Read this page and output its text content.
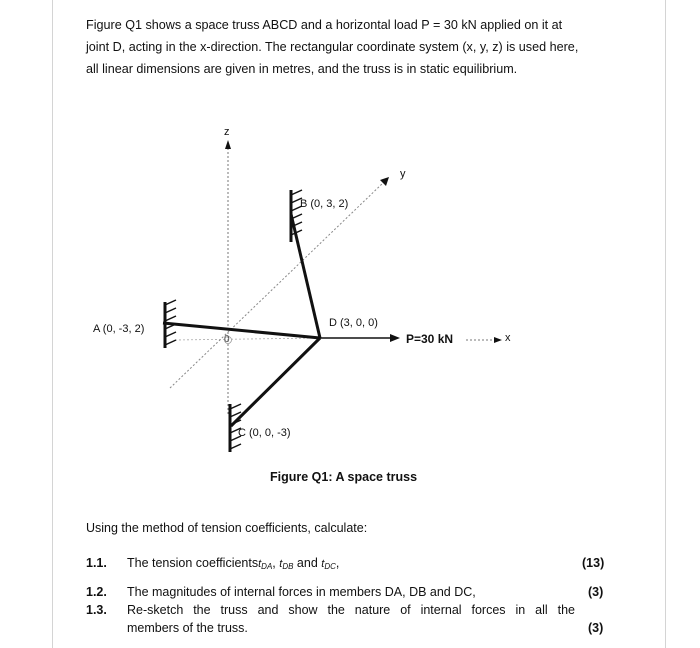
Figure Q1 shows a space truss ABCD and a horizontal load P = 30 kN applied on it at
joint D, acting in the x-direction. The rectangular coordinate system (x, y, z) is used here,
all linear dimensions are given in metres, and the truss is in static equilibrium.
z
y
x
0
A (0, -3, 2)
B (0, 3, 2)
C (0, 0, -3)
D (3, 0, 0)
P=30 kN
Figure Q1: A space truss
Using the method of tension coefficients, calculate:
1.1. The tension coefficientst$_{DA}$, $t_{DB}$ and $t_{DC}$,	(13)
1.2. The magnitudes of internal forces in members DA, DB and DC,	(3)
1.3. Re-sketch the truss and show the nature of internal forces in all the
members of the truss.	(3)
